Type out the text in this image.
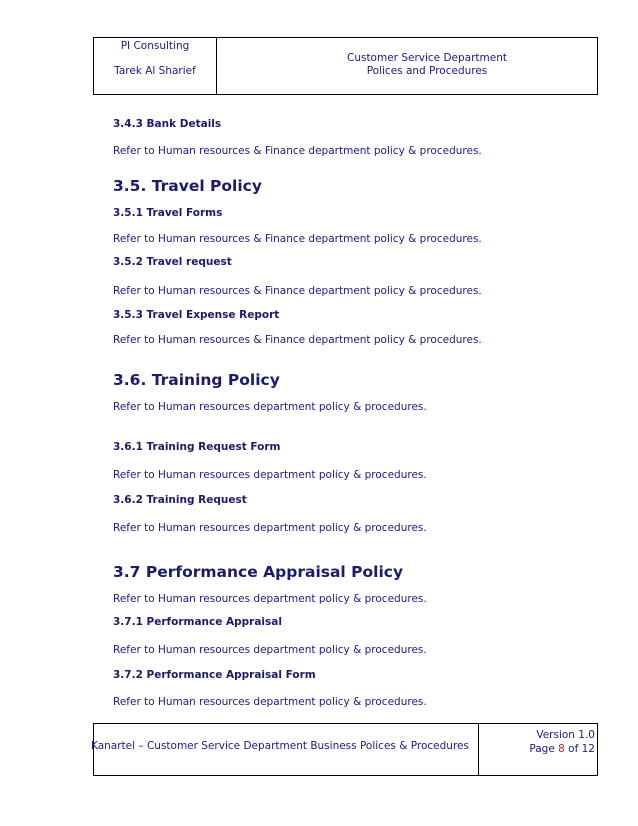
PI Consulting
Tarek Al Sharief
Customer Service Department
Polices and Procedures
3.4.3 Bank Details
Refer to Human resources & Finance department policy & procedures.
3.5. Travel Policy
3.5.1 Travel Forms
Refer to Human resources & Finance department policy & procedures.
3.5.2 Travel request
Refer to Human resources & Finance department policy & procedures.
3.5.3 Travel Expense Report
Refer to Human resources & Finance department policy & procedures.
3.6. Training Policy
Refer to Human resources department policy & procedures.
3.6.1 Training Request Form
Refer to Human resources department policy & procedures.
3.6.2 Training Request
Refer to Human resources department policy & procedures.
3.7 Performance Appraisal Policy
Refer to Human resources department policy & procedures.
3.7.1 Performance Appraisal
Refer to Human resources department policy & procedures.
3.7.2 Performance Appraisal Form
Refer to Human resources department policy & procedures.
Kanartel – Customer Service Department Business Polices & Procedures
Version 1.0
Page 8 of 12
